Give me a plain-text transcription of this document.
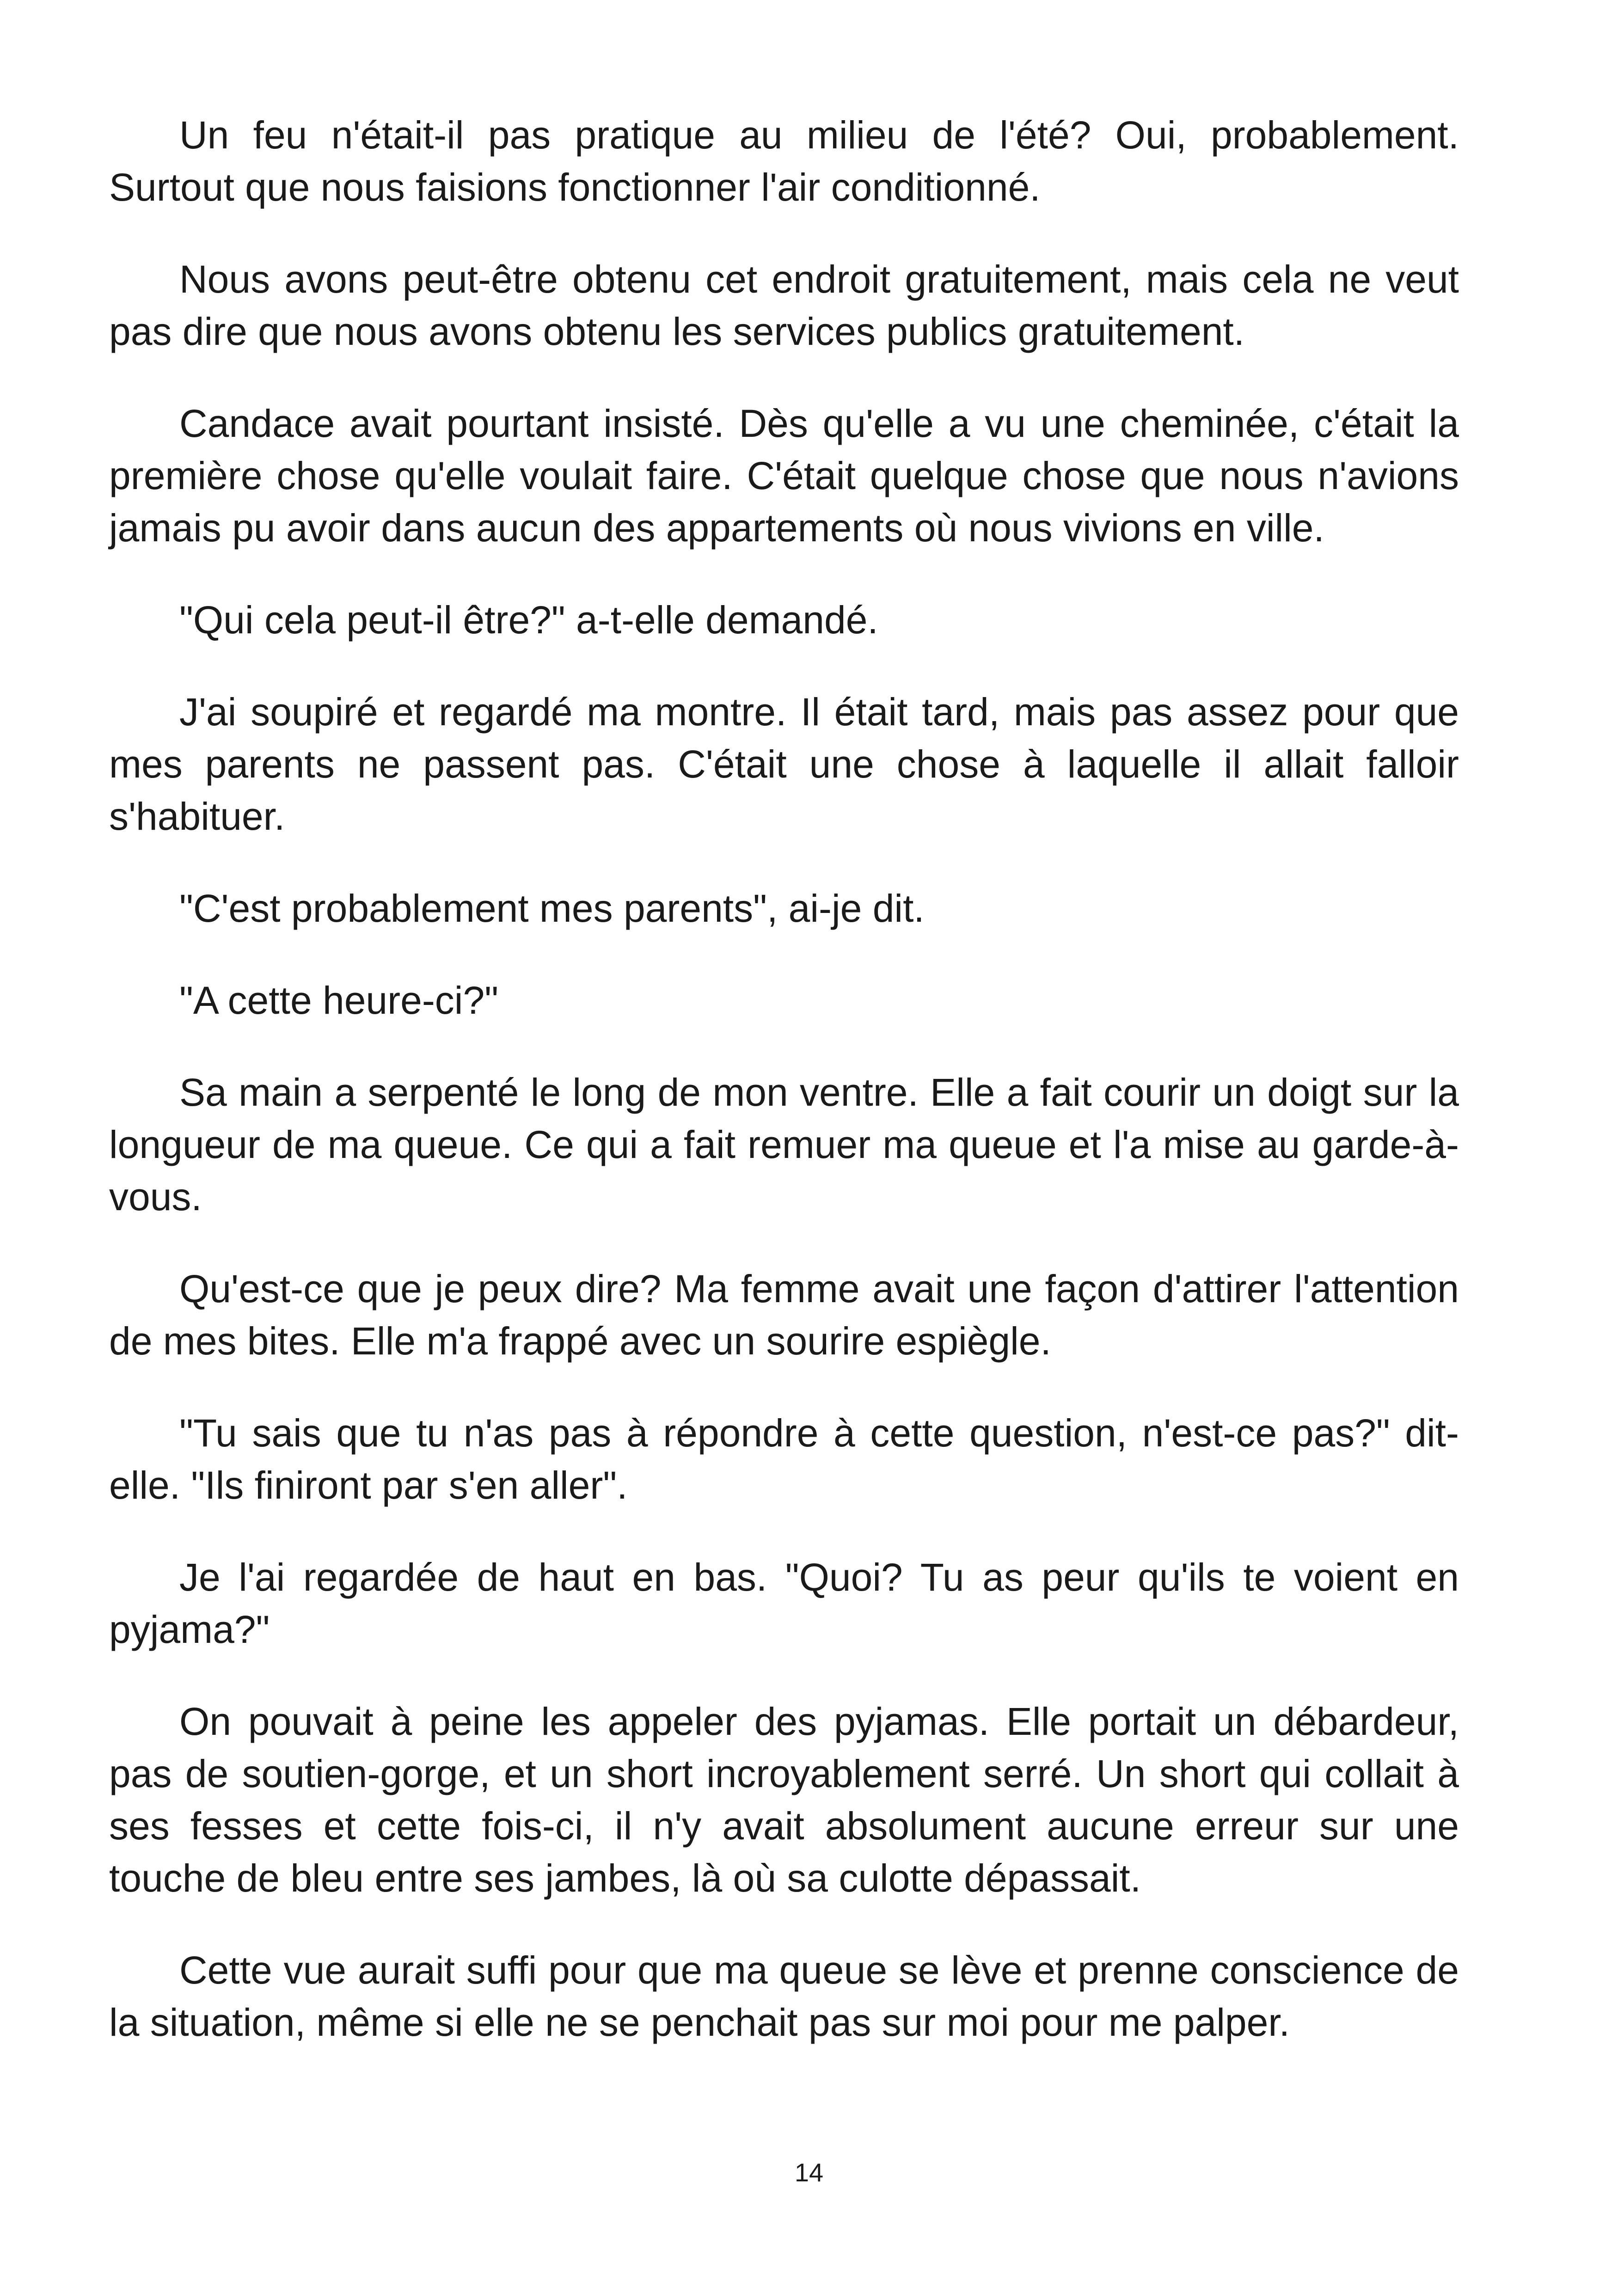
Un feu n'était-il pas pratique au milieu de l'été? Oui, probablement. Surtout que nous faisions fonctionner l'air conditionné.

Nous avons peut-être obtenu cet endroit gratuitement, mais cela ne veut pas dire que nous avons obtenu les services publics gratuitement.

Candace avait pourtant insisté. Dès qu'elle a vu une cheminée, c'était la première chose qu'elle voulait faire. C'était quelque chose que nous n'avions jamais pu avoir dans aucun des appartements où nous vivions en ville.

"Qui cela peut-il être?" a-t-elle demandé.

J'ai soupiré et regardé ma montre. Il était tard, mais pas assez pour que mes parents ne passent pas. C'était une chose à laquelle il allait falloir s'habituer.

"C'est probablement mes parents", ai-je dit.

"A cette heure-ci?"

Sa main a serpenté le long de mon ventre. Elle a fait courir un doigt sur la longueur de ma queue. Ce qui a fait remuer ma queue et l'a mise au garde-à-vous.

Qu'est-ce que je peux dire? Ma femme avait une façon d'attirer l'attention de mes bites. Elle m'a frappé avec un sourire espiègle.

"Tu sais que tu n'as pas à répondre à cette question, n'est-ce pas?" dit-elle. "Ils finiront par s'en aller".

Je l'ai regardée de haut en bas. "Quoi? Tu as peur qu'ils te voient en pyjama?"

On pouvait à peine les appeler des pyjamas. Elle portait un débardeur, pas de soutien-gorge, et un short incroyablement serré. Un short qui collait à ses fesses et cette fois-ci, il n'y avait absolument aucune erreur sur une touche de bleu entre ses jambes, là où sa culotte dépassait.

Cette vue aurait suffi pour que ma queue se lève et prenne conscience de la situation, même si elle ne se penchait pas sur moi pour me palper.

14
